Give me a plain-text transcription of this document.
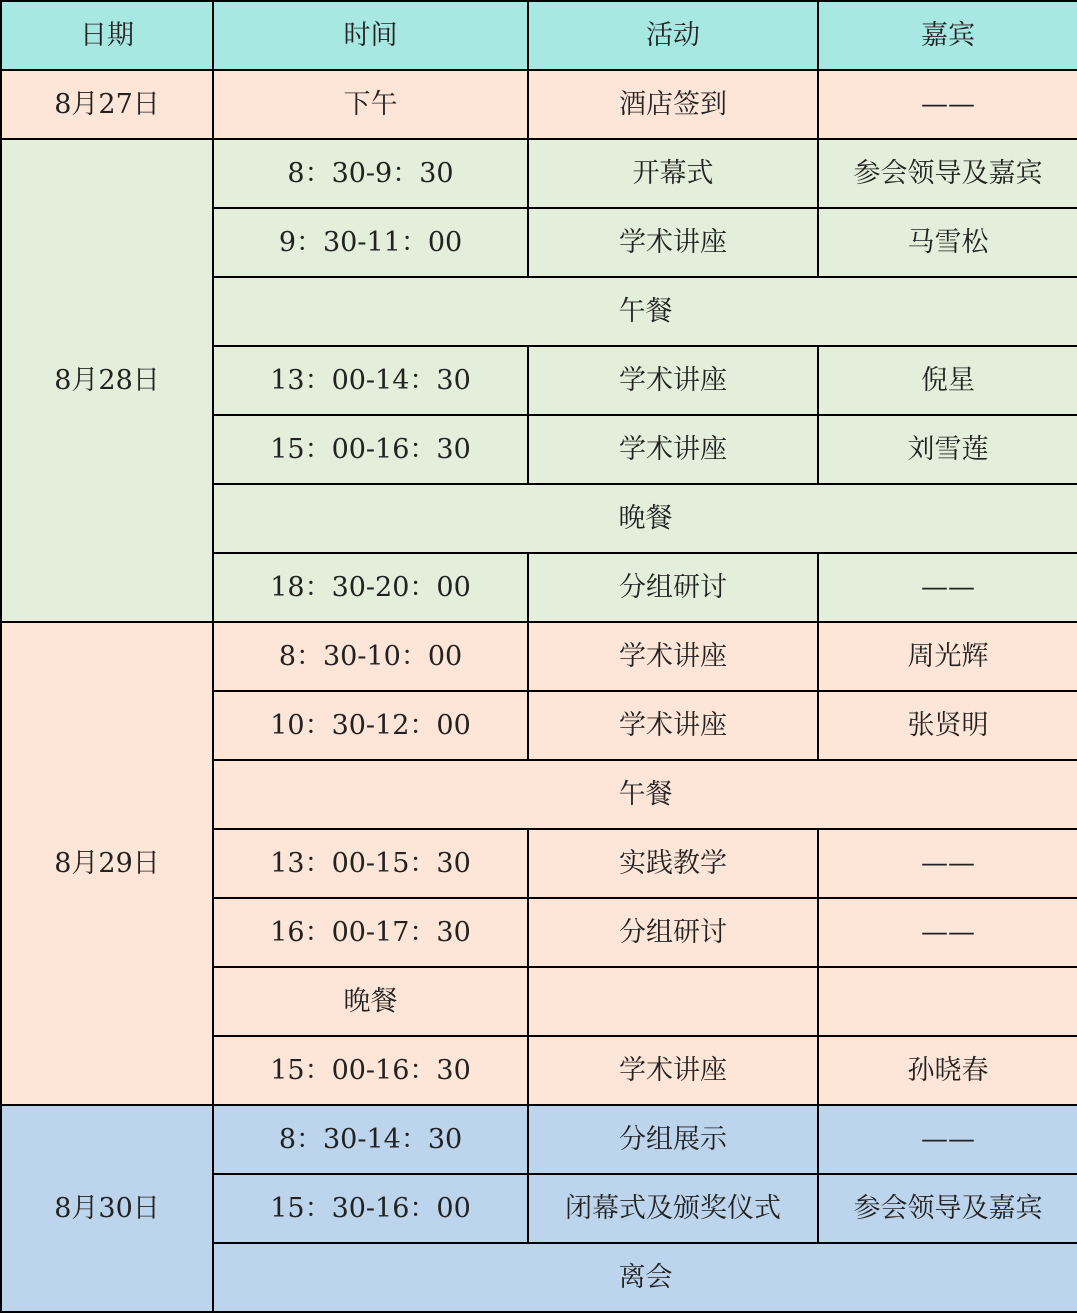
日期	时间	活动	嘉宾
8月27日	下午	酒店签到	——
8月28日	8：30-9：30	开幕式	参会领导及嘉宾
	9：30-11：00	学术讲座	马雪松
	午餐		
	13：00-14：30	学术讲座	倪星
	15：00-16：30	学术讲座	刘雪莲
	晚餐		
	18：30-20：00	分组研讨	——
8月29日	8：30-10：00	学术讲座	周光辉
	10：30-12：00	学术讲座	张贤明
	午餐		
	13：00-15：30	实践教学	——
	16：00-17：30	分组研讨	——
	晚餐		
	15：00-16：30	学术讲座	孙晓春
8月30日	8：30-14：30	分组展示	——
	15：30-16：00	闭幕式及颁奖仪式	参会领导及嘉宾
	离会		
